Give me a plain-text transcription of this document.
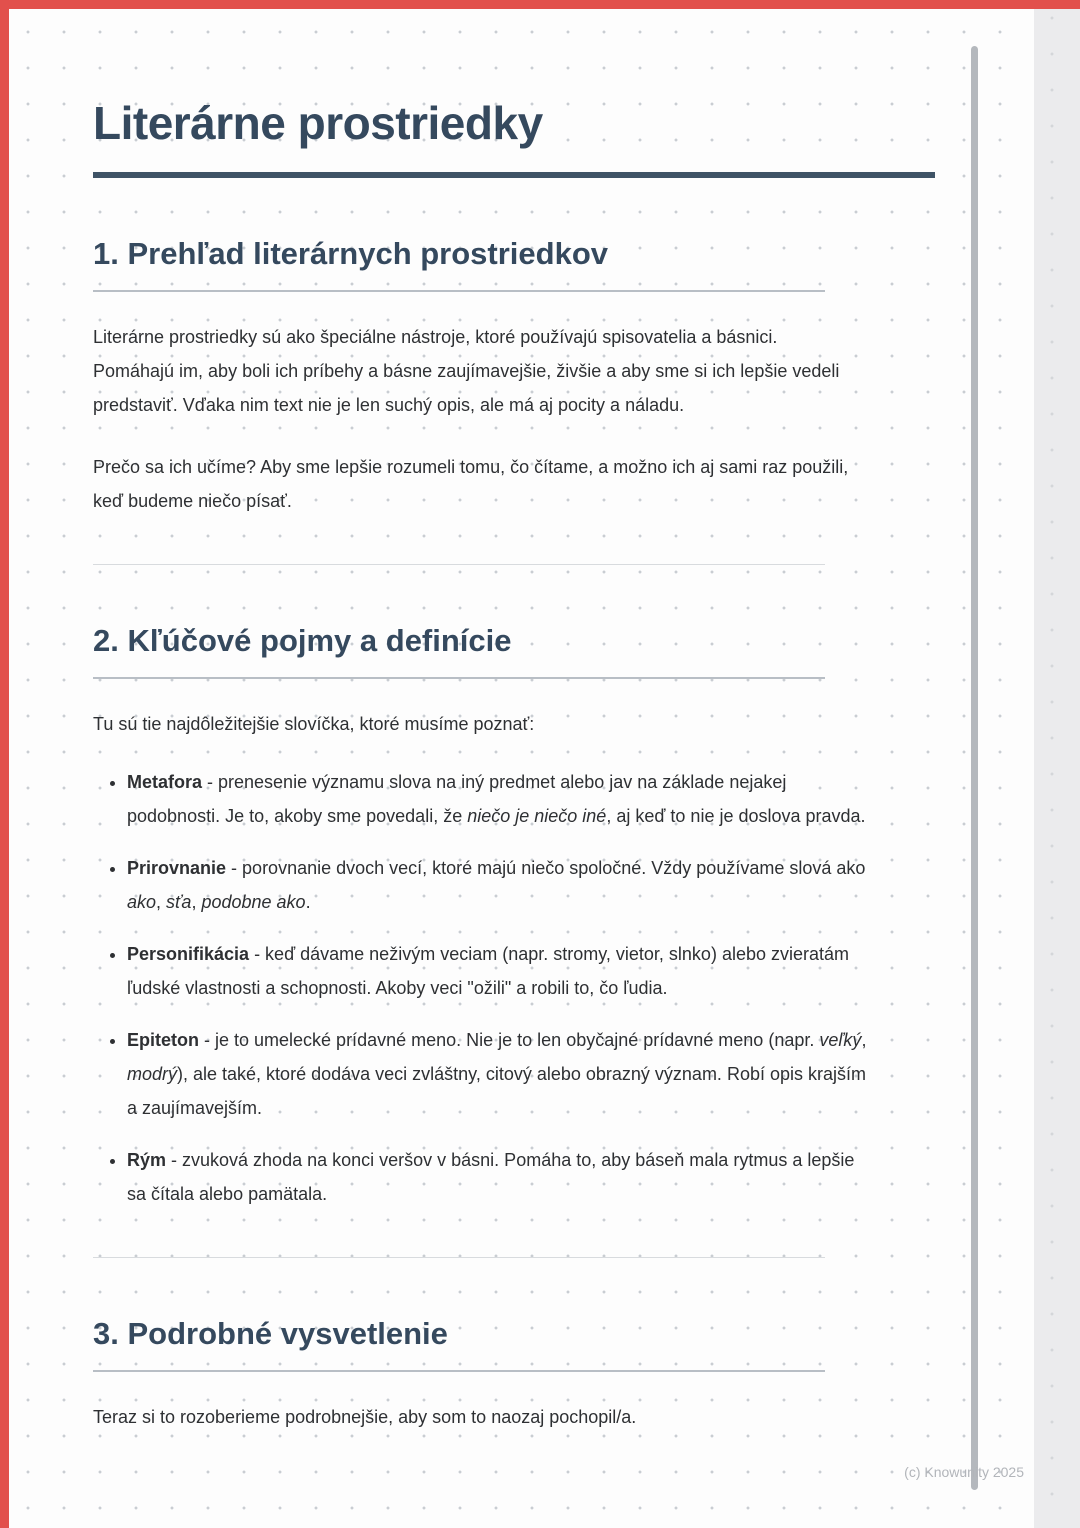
Literárne prostriedky
1. Prehľad literárnych prostriedkov

Literárne prostriedky sú ako špeciálne nástroje, ktoré používajú spisovatelia a básnici. Pomáhajú im, aby boli ich príbehy a básne zaujímavejšie, živšie a aby sme si ich lepšie vedeli predstaviť. Vďaka nim text nie je len suchý opis, ale má aj pocity a náladu.

Prečo sa ich učíme? Aby sme lepšie rozumeli tomu, čo čítame, a možno ich aj sami raz použili, keď budeme niečo písať.

2. Kľúčové pojmy a definície

Tu sú tie najdôležitejšie slovíčka, ktoré musíme poznať:

• Metafora - prenesenie významu slova na iný predmet alebo jav na základe nejakej podobnosti. Je to, akoby sme povedali, že niečo je niečo iné, aj keď to nie je doslova pravda.
• Prirovnanie - porovnanie dvoch vecí, ktoré majú niečo spoločné. Vždy používame slová ako ako, sťa, podobne ako.
• Personifikácia - keď dávame neživým veciam (napr. stromy, vietor, slnko) alebo zvieratám ľudské vlastnosti a schopnosti. Akoby veci "ožili" a robili to, čo ľudia.
• Epiteton - je to umelecké prídavné meno. Nie je to len obyčajné prídavné meno (napr. veľký, modrý), ale také, ktoré dodáva veci zvláštny, citový alebo obrazný význam. Robí opis krajším a zaujímavejším.
• Rým - zvuková zhoda na konci veršov v básni. Pomáha to, aby báseň mala rytmus a lepšie sa čítala alebo pamätala.
3. Podrobné vysvetlenie

Teraz si to rozoberieme podrobnejšie, aby som to naozaj pochopil/a.

(c) Knowunity 2025
